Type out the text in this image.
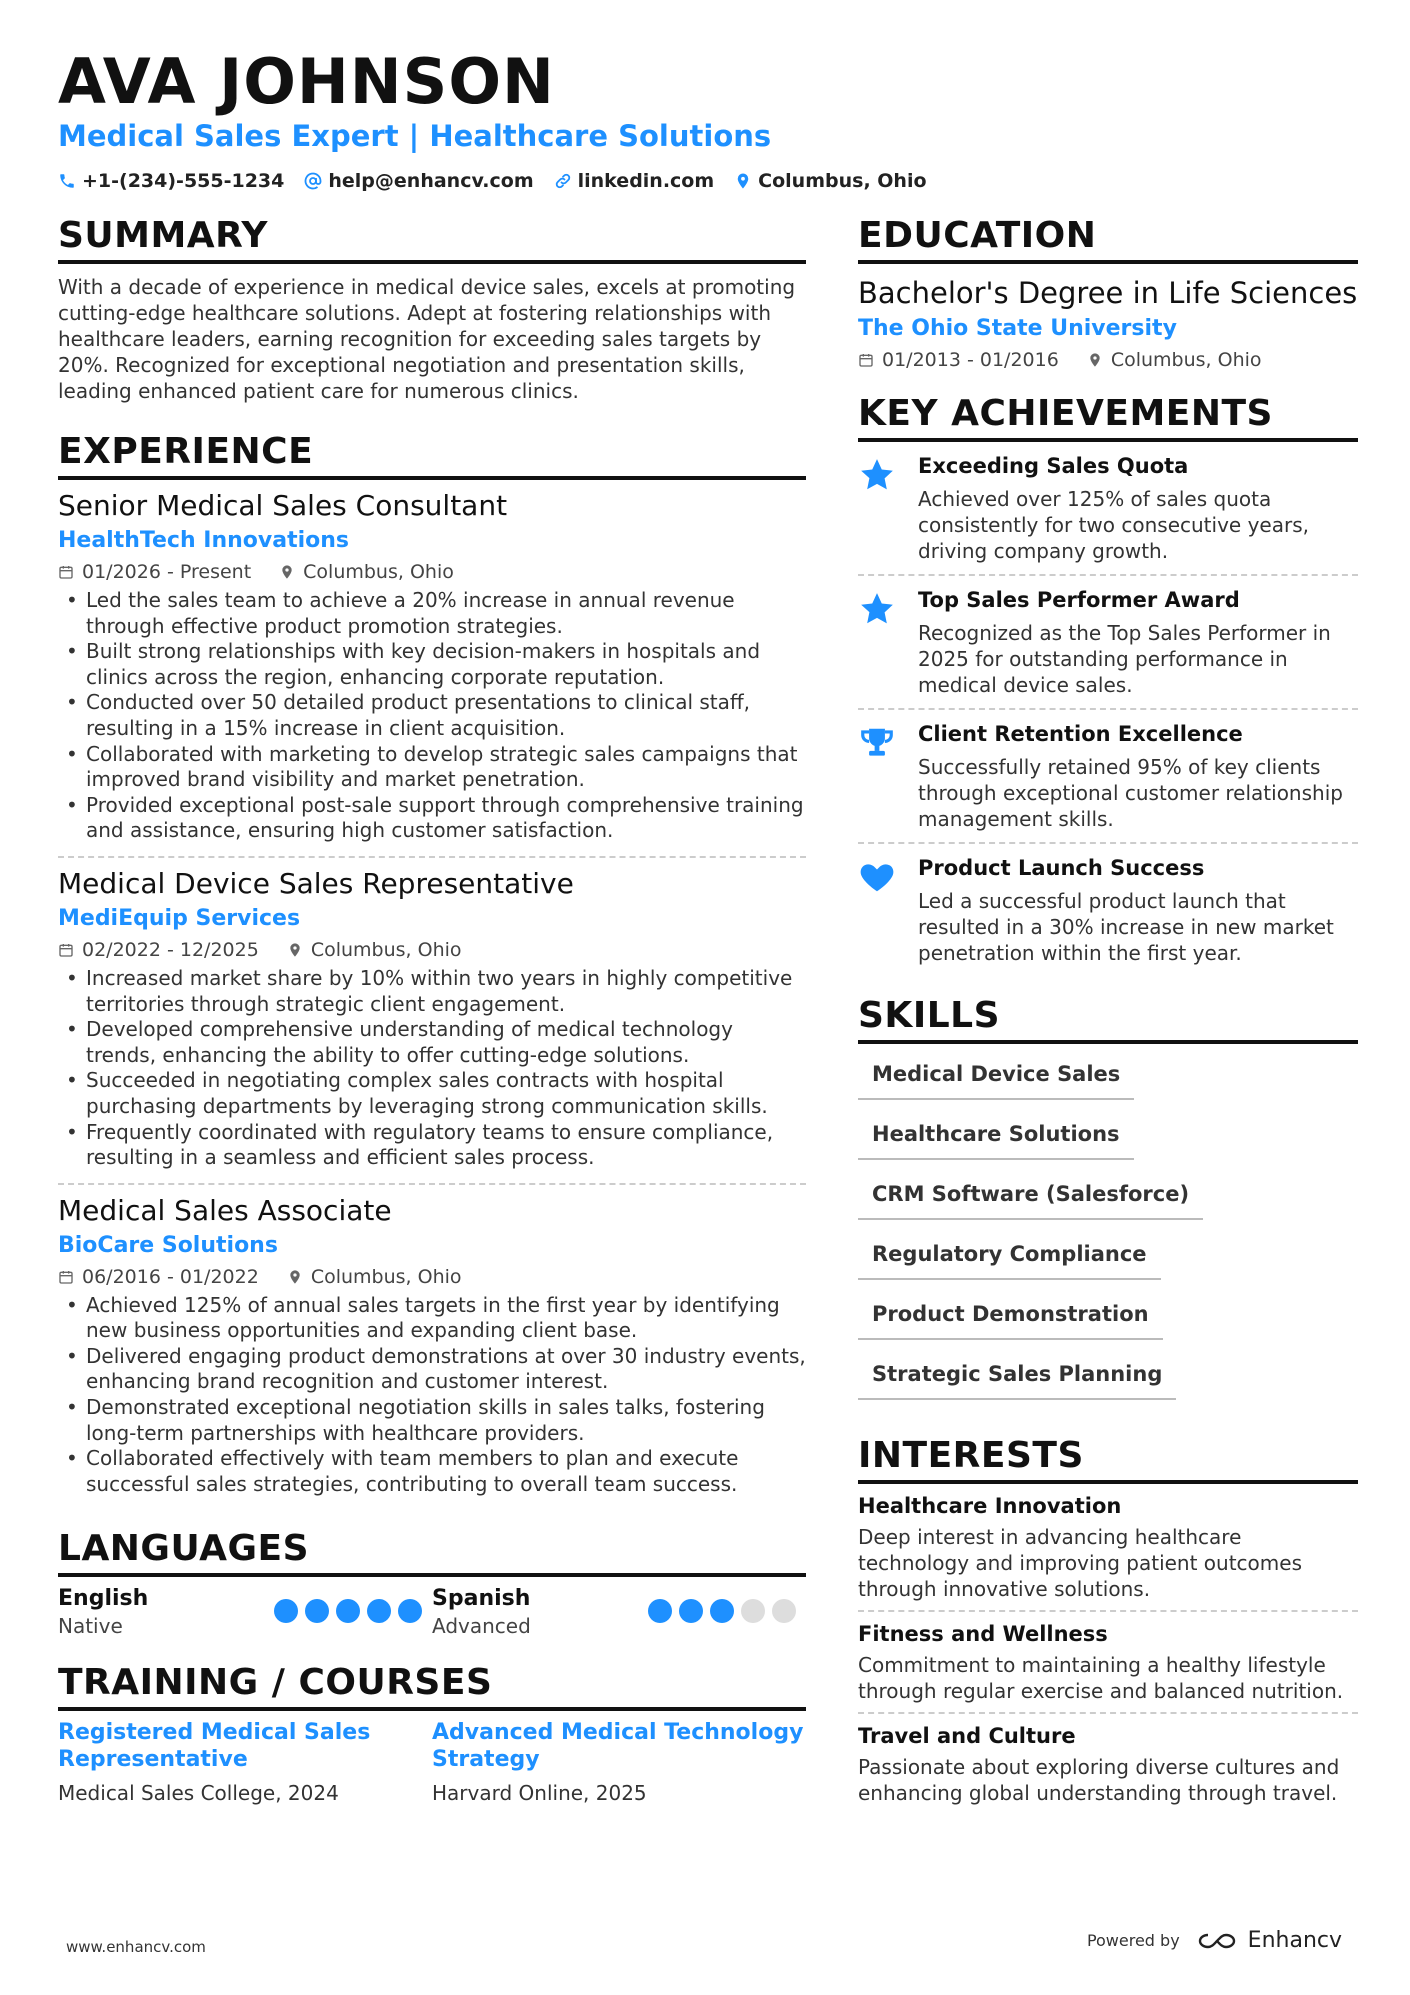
AVA JOHNSON
Medical Sales Expert | Healthcare Solutions
+1-(234)-555-1234 help@enhancv.com linkedin.com Columbus, Ohio
SUMMARY
With a decade of experience in medical device sales, excels at promoting cutting-edge healthcare solutions. Adept at fostering relationships with healthcare leaders, earning recognition for exceeding sales targets by 20%. Recognized for exceptional negotiation and presentation skills, leading enhanced patient care for numerous clinics.
EXPERIENCE
Senior Medical Sales Consultant
HealthTech Innovations
01/2026 - Present	Columbus, Ohio
• Led the sales team to achieve a 20% increase in annual revenue through effective product promotion strategies.
• Built strong relationships with key decision-makers in hospitals and clinics across the region, enhancing corporate reputation.
• Conducted over 50 detailed product presentations to clinical staff, resulting in a 15% increase in client acquisition.
• Collaborated with marketing to develop strategic sales campaigns that improved brand visibility and market penetration.
• Provided exceptional post-sale support through comprehensive training and assistance, ensuring high customer satisfaction.
Medical Device Sales Representative
MediEquip Services
02/2022 - 12/2025	Columbus, Ohio
• Increased market share by 10% within two years in highly competitive territories through strategic client engagement.
• Developed comprehensive understanding of medical technology trends, enhancing the ability to offer cutting-edge solutions.
• Succeeded in negotiating complex sales contracts with hospital purchasing departments by leveraging strong communication skills.
• Frequently coordinated with regulatory teams to ensure compliance, resulting in a seamless and efficient sales process.
Medical Sales Associate
BioCare Solutions
06/2016 - 01/2022	Columbus, Ohio
• Achieved 125% of annual sales targets in the first year by identifying new business opportunities and expanding client base.
• Delivered engaging product demonstrations at over 30 industry events, enhancing brand recognition and customer interest.
• Demonstrated exceptional negotiation skills in sales talks, fostering long-term partnerships with healthcare providers.
• Collaborated effectively with team members to plan and execute successful sales strategies, contributing to overall team success.
LANGUAGES
English
Native
Spanish
Advanced
TRAINING / COURSES
Registered Medical Sales Representative
Medical Sales College, 2024
Advanced Medical Technology Strategy
Harvard Online, 2025
EDUCATION
Bachelor's Degree in Life Sciences
The Ohio State University
01/2013 - 01/2016	Columbus, Ohio
KEY ACHIEVEMENTS
Exceeding Sales Quota
Achieved over 125% of sales quota consistently for two consecutive years, driving company growth.
Top Sales Performer Award
Recognized as the Top Sales Performer in 2025 for outstanding performance in medical device sales.
Client Retention Excellence
Successfully retained 95% of key clients through exceptional customer relationship management skills.
Product Launch Success
Led a successful product launch that resulted in a 30% increase in new market penetration within the first year.
SKILLS
Medical Device Sales
Healthcare Solutions
CRM Software (Salesforce)
Regulatory Compliance
Product Demonstration
Strategic Sales Planning
INTERESTS
Healthcare Innovation
Deep interest in advancing healthcare technology and improving patient outcomes through innovative solutions.
Fitness and Wellness
Commitment to maintaining a healthy lifestyle through regular exercise and balanced nutrition.
Travel and Culture
Passionate about exploring diverse cultures and enhancing global understanding through travel.
www.enhancv.com	Powered by	Enhancv
